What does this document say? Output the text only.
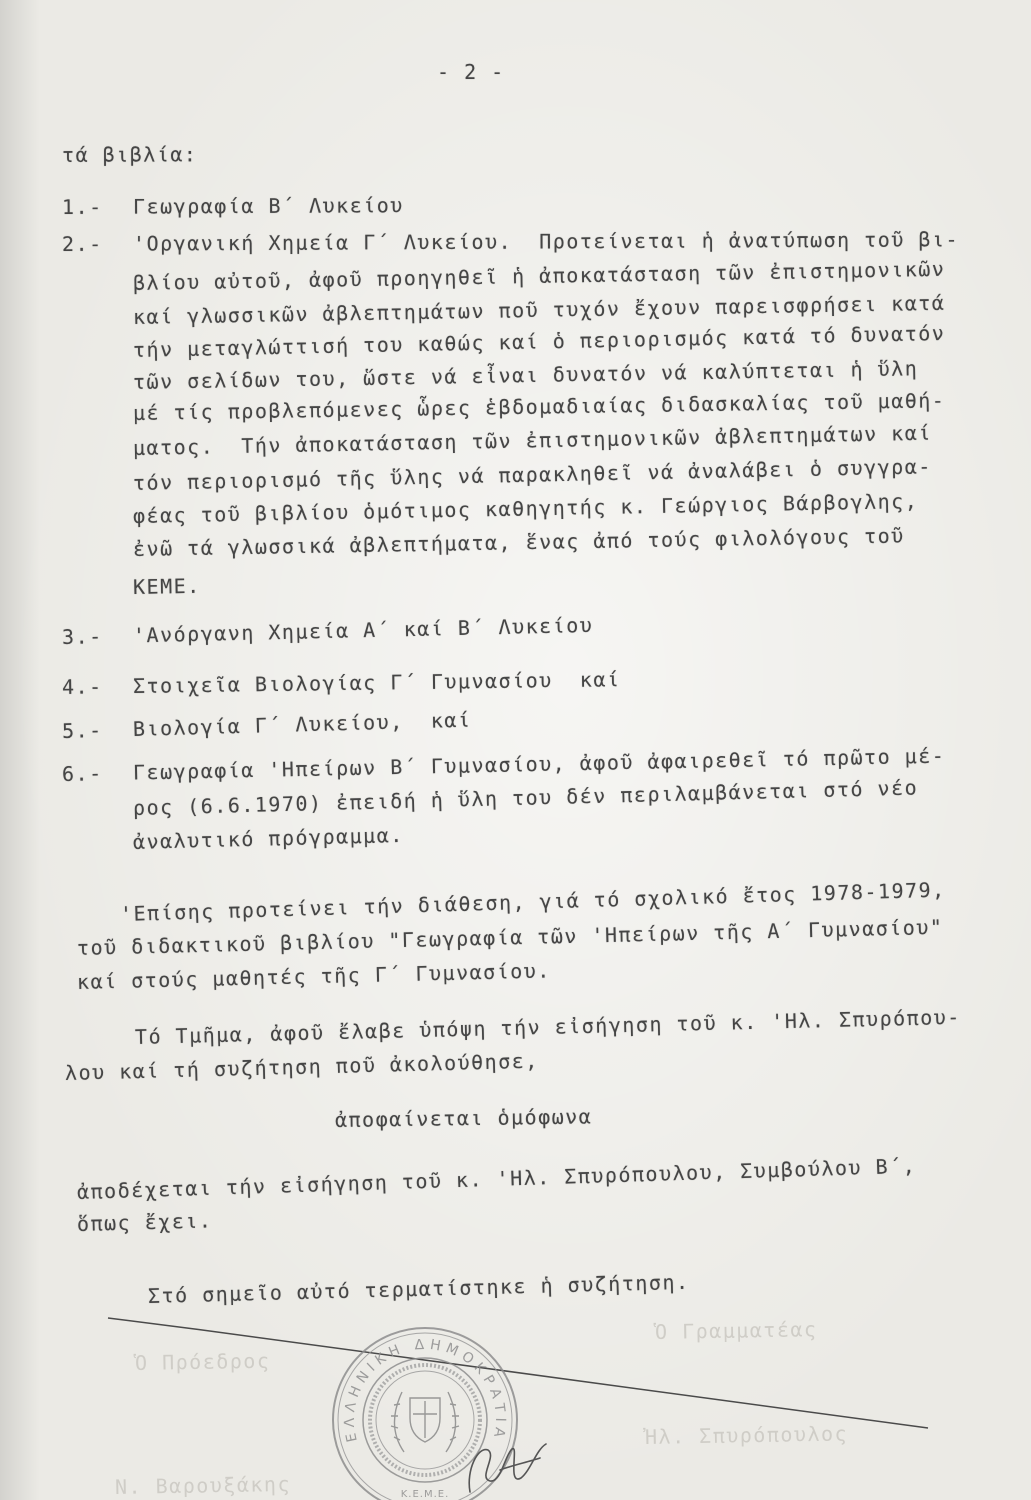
- 2 -
τά βιβλία:
1.- Γεωγραφία Β΄ Λυκείου
2.- 'Οργανική Χημεία Γ΄ Λυκείου.  Προτείνεται ἡ ἀνατύπωση τοῦ βι-
βλίου αὐτοῦ, ἀφοῦ προηγηθεῖ ἡ ἀποκατάσταση τῶν ἐπιστημονικῶν
καί γλωσσικῶν ἀβλεπτημάτων ποῦ τυχόν ἔχουν παρεισφρήσει κατά
τήν μεταγλώττισή του καθώς καί ὁ περιορισμός κατά τό δυνατόν
τῶν σελίδων του, ὥστε νά εἶναι δυνατόν νά καλύπτεται ἡ ὕλη
μέ τίς προβλεπόμενες ὧρες ἑβδομαδιαίας διδασκαλίας τοῦ μαθή-
ματος.  Τήν ἀποκατάσταση τῶν ἐπιστημονικῶν ἀβλεπτημάτων καί
τόν περιορισμό τῆς ὕλης νά παρακληθεῖ νά ἀναλάβει ὁ συγγρα-
φέας τοῦ βιβλίου ὁμότιμος καθηγητής κ. Γεώργιος Βάρβογλης,
ἐνῶ τά γλωσσικά ἀβλεπτήματα, ἕνας ἀπό τούς φιλολόγους τοῦ
ΚΕΜΕ.
3.- 'Ανόργανη Χημεία Α΄ καί Β΄ Λυκείου
4.- Στοιχεῖα Βιολογίας Γ΄ Γυμνασίου  καί
5.- Βιολογία Γ΄ Λυκείου,  καί
6.- Γεωγραφία 'Ηπείρων Β΄ Γυμνασίου, ἀφοῦ ἀφαιρεθεῖ τό πρῶτο μέ-
ρος (6.6.1970) ἐπειδή ἡ ὕλη του δέν περιλαμβάνεται στό νέο
ἀναλυτικό πρόγραμμα.
'Επίσης προτείνει τήν διάθεση, γιά τό σχολικό ἔτος 1978-1979,
τοῦ διδακτικοῦ βιβλίου "Γεωγραφία τῶν 'Ηπείρων τῆς Α΄ Γυμνασίου"
καί στούς μαθητές τῆς Γ΄ Γυμνασίου.
Τό Τμῆμα, ἀφοῦ ἔλαβε ὑπόψη τήν εἰσήγηση τοῦ κ. 'Ηλ. Σπυρόπου-
λου καί τή συζήτηση ποῦ ἀκολούθησε,
ἀποφαίνεται ὁμόφωνα
ἀποδέχεται τήν εἰσήγηση τοῦ κ. 'Ηλ. Σπυρόπουλου, Συμβούλου Β΄,
ὅπως ἔχει.
Στό σημεῖο αὐτό τερματίστηκε ἡ συζήτηση.
Ὁ Πρόεδρος
Ὁ Γραμματέας
Ν. Βαρουξάκης
Ἠλ. Σπυρόπουλος
ΕΛΛΗΝΙΚΗ ΔΗΜΟΚΡΑΤΙΑ
Κ.Ε.Μ.Ε.
